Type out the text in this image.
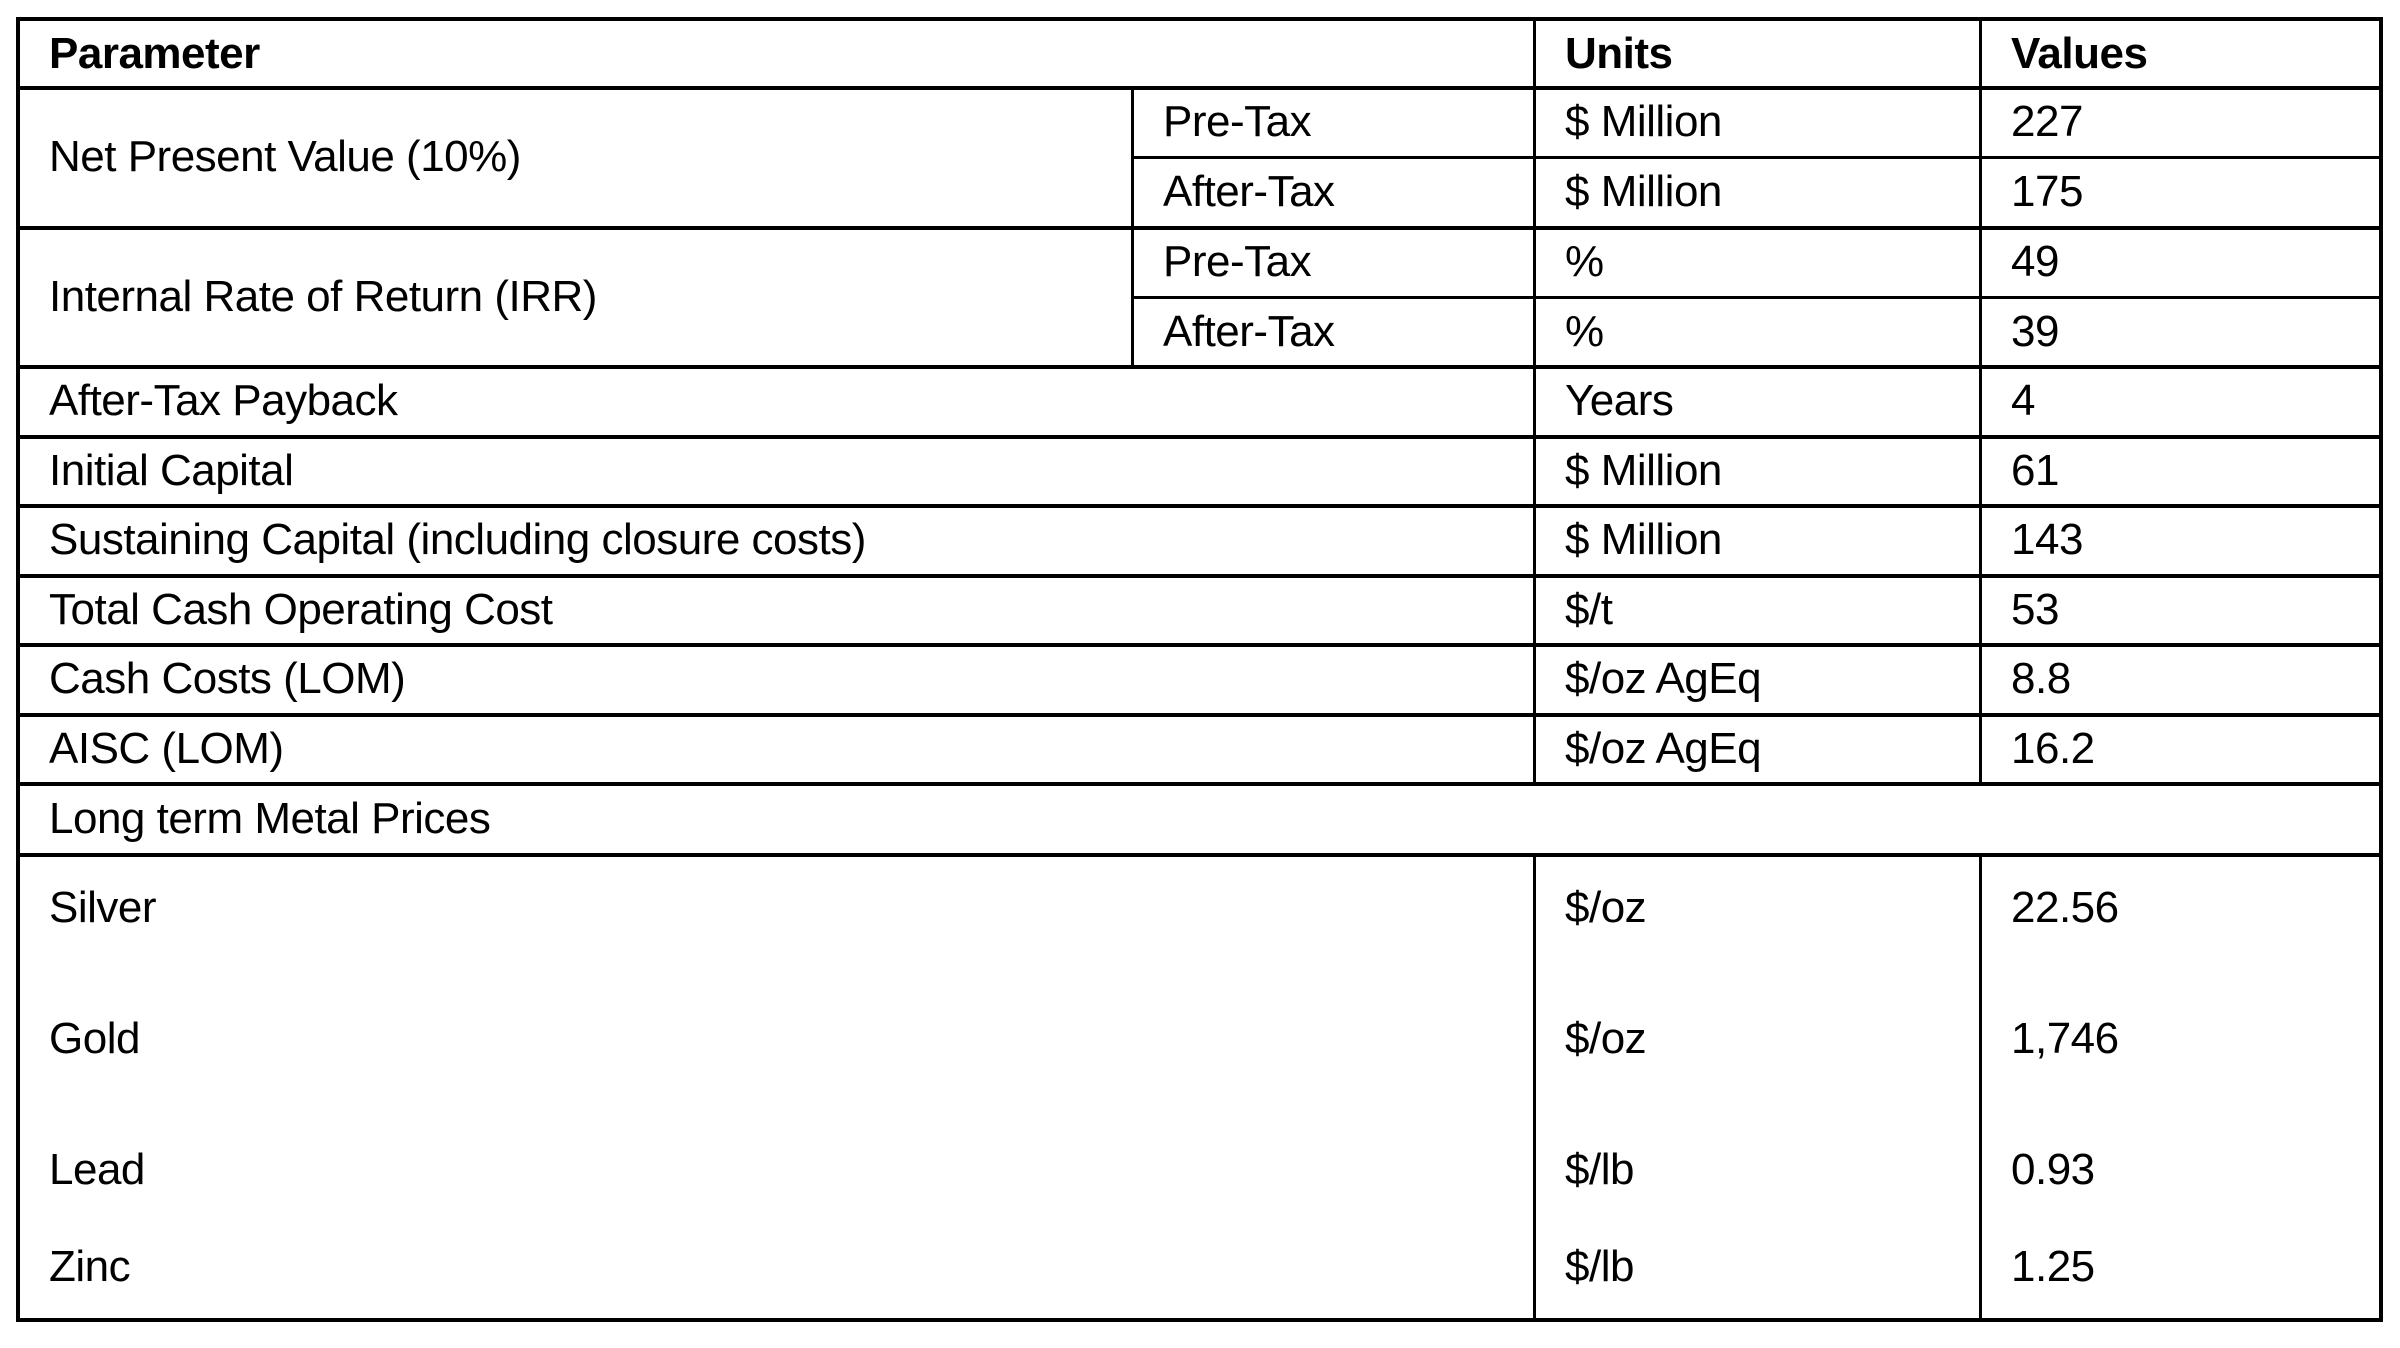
Parameter	Units	Values
Net Present Value (10%)
Pre-Tax	$ Million	227
After-Tax	$ Million	175
Internal Rate of Return (IRR)
Pre-Tax	%	49
After-Tax	%	39
After-Tax Payback	Years	4
Initial Capital	$ Million	61
Sustaining Capital (including closure costs)	$ Million	143
Total Cash Operating Cost	$/t	53
Cash Costs (LOM)	$/oz AgEq	8.8
AISC (LOM)	$/oz AgEq	16.2
Long term Metal Prices
Silver	$/oz	22.56
Gold	$/oz	1,746
Lead	$/lb	0.93
Zinc	$/lb	1.25
